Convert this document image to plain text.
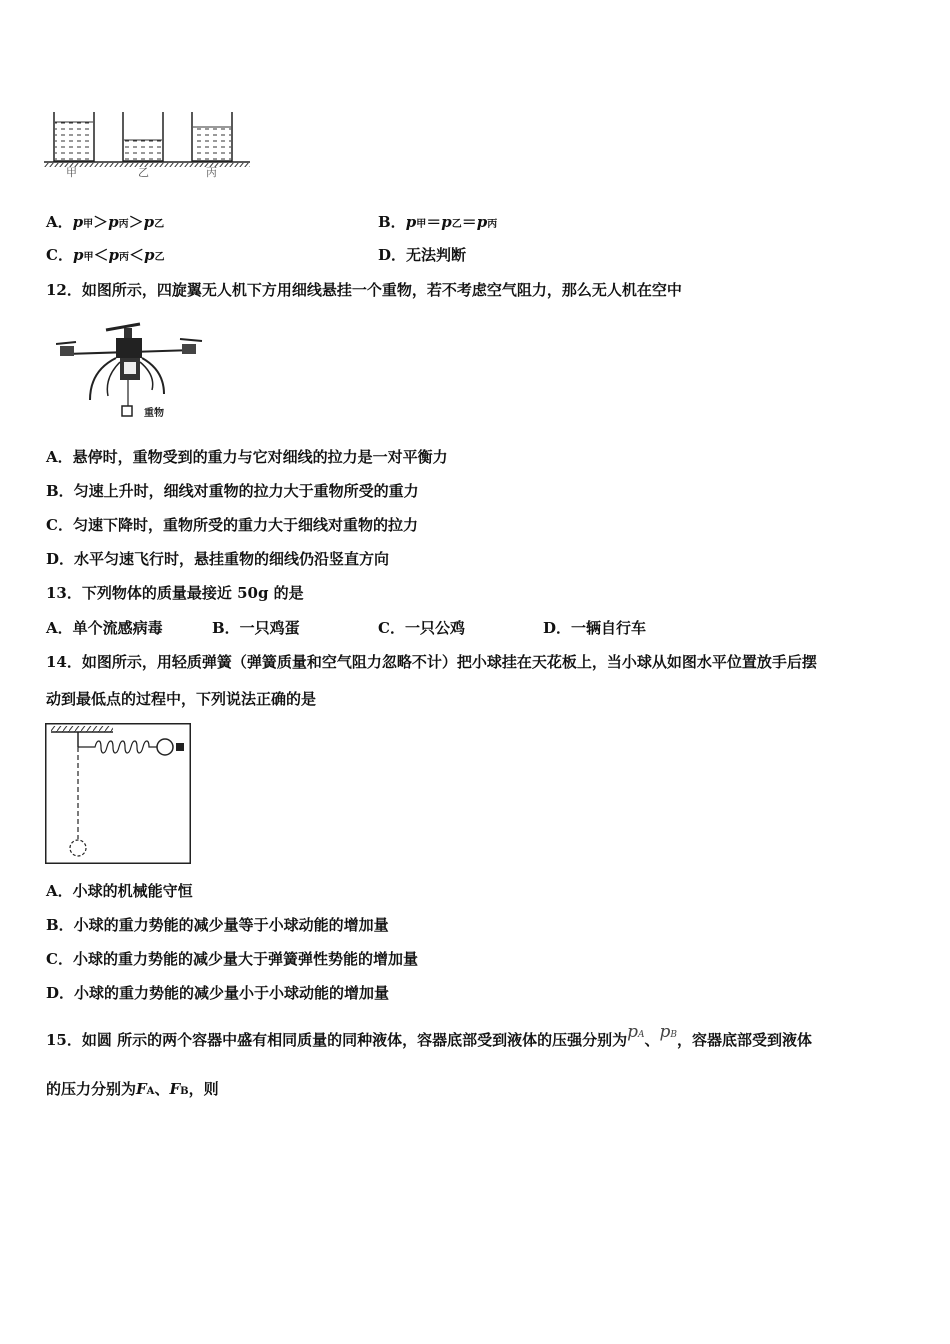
甲	乙	丙
A．p甲＞p丙＞p乙	B．p甲＝p乙＝p丙
C．p甲＜p丙＜p乙	D．无法判断
12．如图所示，四旋翼无人机下方用细线悬挂一个重物，若不考虑空气阻力，那么无人机在空中
重物
A．悬停时，重物受到的重力与它对细线的拉力是一对平衡力
B．匀速上升时，细线对重物的拉力大于重物所受的重力
C．匀速下降时，重物所受的重力大于细线对重物的拉力
D．水平匀速飞行时，悬挂重物的细线仍沿竖直方向
13．下列物体的质量最接近 50g 的是
A．单个流感病毒	B．一只鸡蛋	C．一只公鸡	D．一辆自行车
14．如图所示，用轻质弹簧（弹簧质量和空气阻力忽略不计）把小球挂在天花板上，当小球从如图水平位置放手后摆
动到最低点的过程中，下列说法正确的是
A．小球的机械能守恒
B．小球的重力势能的减少量等于小球动能的增加量
C．小球的重力势能的减少量大于弹簧弹性势能的增加量
D．小球的重力势能的减少量小于小球动能的增加量
15．如圆 所示的两个容器中盛有相同质量的同种液体，容器底部受到液体的压强分别为pA、pB，容器底部受到液体
的压力分别为FA、FB，则
